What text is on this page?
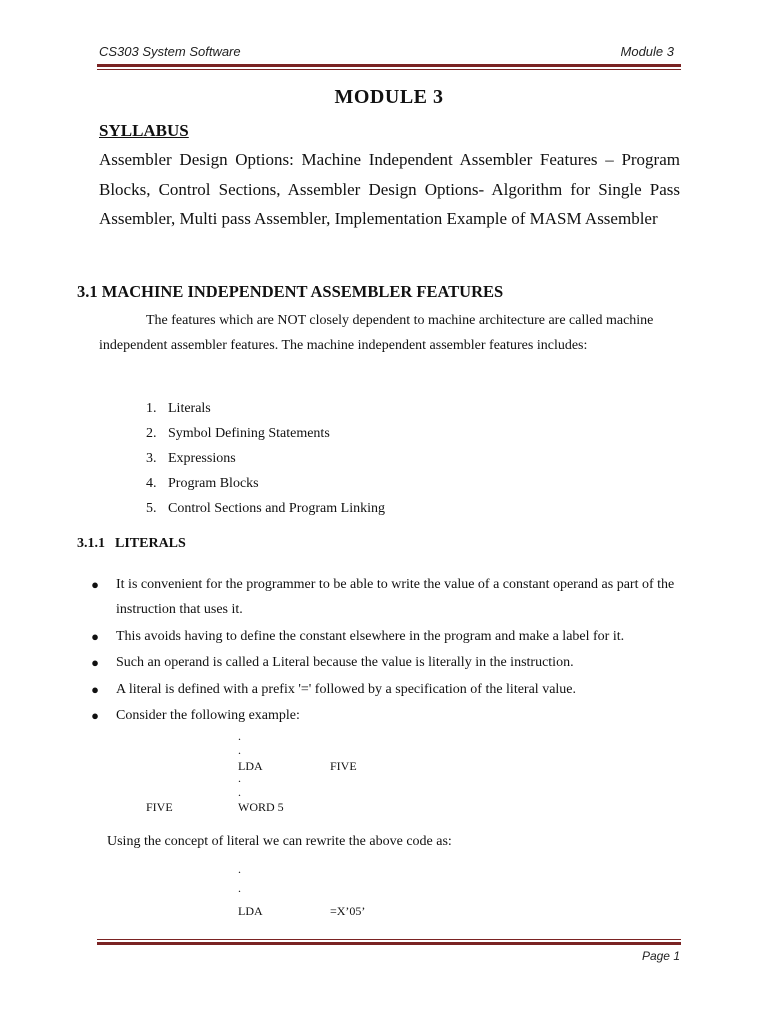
CS303 System Software	Module 3
MODULE 3
SYLLABUS
Assembler Design Options: Machine Independent Assembler Features – Program Blocks, Control Sections, Assembler Design Options- Algorithm for Single Pass Assembler, Multi pass Assembler, Implementation Example of MASM Assembler
3.1 MACHINE INDEPENDENT ASSEMBLER FEATURES
The features which are NOT closely dependent to machine architecture are called machine independent assembler features. The machine independent assembler features includes:
1. Literals
2. Symbol Defining Statements
3. Expressions
4. Program Blocks
5. Control Sections and Program Linking
3.1.1 LITERALS
● It is convenient for the programmer to be able to write the value of a constant operand as part of the instruction that uses it.
● This avoids having to define the constant elsewhere in the program and make a label for it.
● Such an operand is called a Literal because the value is literally in the instruction.
● A literal is defined with a prefix '=' followed by a specification of the literal value.
● Consider the following example:
.
.
LDA	FIVE
.
.
FIVE	WORD 5
Using the concept of literal we can rewrite the above code as:
.
.
LDA	=X’05’
Page 1
